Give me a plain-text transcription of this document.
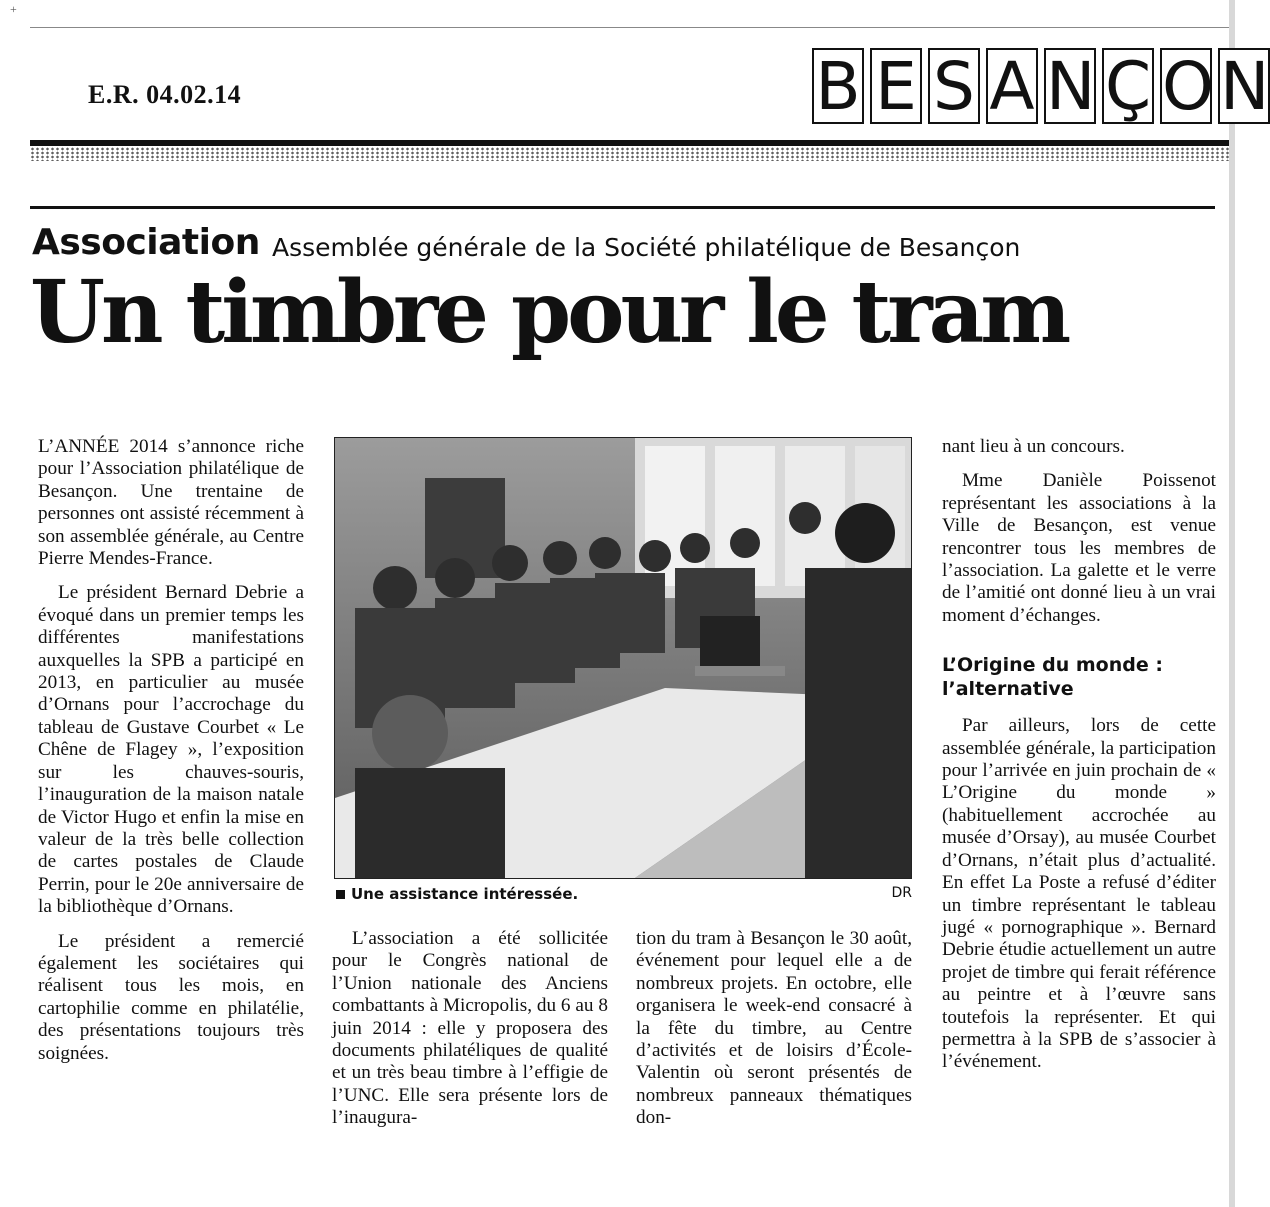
+
E.R. 04.02.14	B E S A N Ç O N
Association Assemblée générale de la Société philatélique de Besançon
Un timbre pour le tram

L’ANNÉE 2014 s’annonce riche pour l’Association philatélique de Besançon. Une trentaine de personnes ont assisté récemment à son assemblée générale, au Centre Pierre Mendes-France.

Le président Bernard Debrie a évoqué dans un premier temps les différentes manifestations auxquelles la SPB a participé en 2013, en particulier au musée d’Ornans pour l’accrochage du tableau de Gustave Courbet « Le Chêne de Flagey », l’exposition sur les chauves-souris, l’inauguration de la maison natale de Victor Hugo et enfin la mise en valeur de la très belle collection de cartes postales de Claude Perrin, pour le 20e anniversaire de la bibliothèque d’Ornans.

Le président a remercié également les sociétaires qui réalisent tous les mois, en cartophilie comme en philatélie, des présentations toujours très soignées.

Une assistance intéressée.	DR

L’association a été sollicitée pour le Congrès national de l’Union nationale des Anciens combattants à Micropolis, du 6 au 8 juin 2014 : elle y proposera des documents philatéliques de qualité et un très beau timbre à l’effigie de l’UNC. Elle sera présente lors de l’inaugura-

tion du tram à Besançon le 30 août, événement pour lequel elle a de nombreux projets. En octobre, elle organisera le week-end consacré à la fête du timbre, au Centre d’activités et de loisirs d’École-Valentin où seront présentés de nombreux panneaux thématiques don-

nant lieu à un concours.

Mme Danièle Poissenot représentant les associations à la Ville de Besançon, est venue rencontrer tous les membres de l’association. La galette et le verre de l’amitié ont donné lieu à un vrai moment d’échanges.

L’Origine du monde : l’alternative

Par ailleurs, lors de cette assemblée générale, la participation pour l’arrivée en juin prochain de « L’Origine du monde » (habituellement accrochée au musée d’Orsay), au musée Courbet d’Ornans, n’était plus d’actualité. En effet La Poste a refusé d’éditer un timbre représentant le tableau jugé « pornographique ». Bernard Debrie étudie actuellement un autre projet de timbre qui ferait référence au peintre et à l’œuvre sans toutefois la représenter. Et qui permettra à la SPB de s’associer à l’événement.
